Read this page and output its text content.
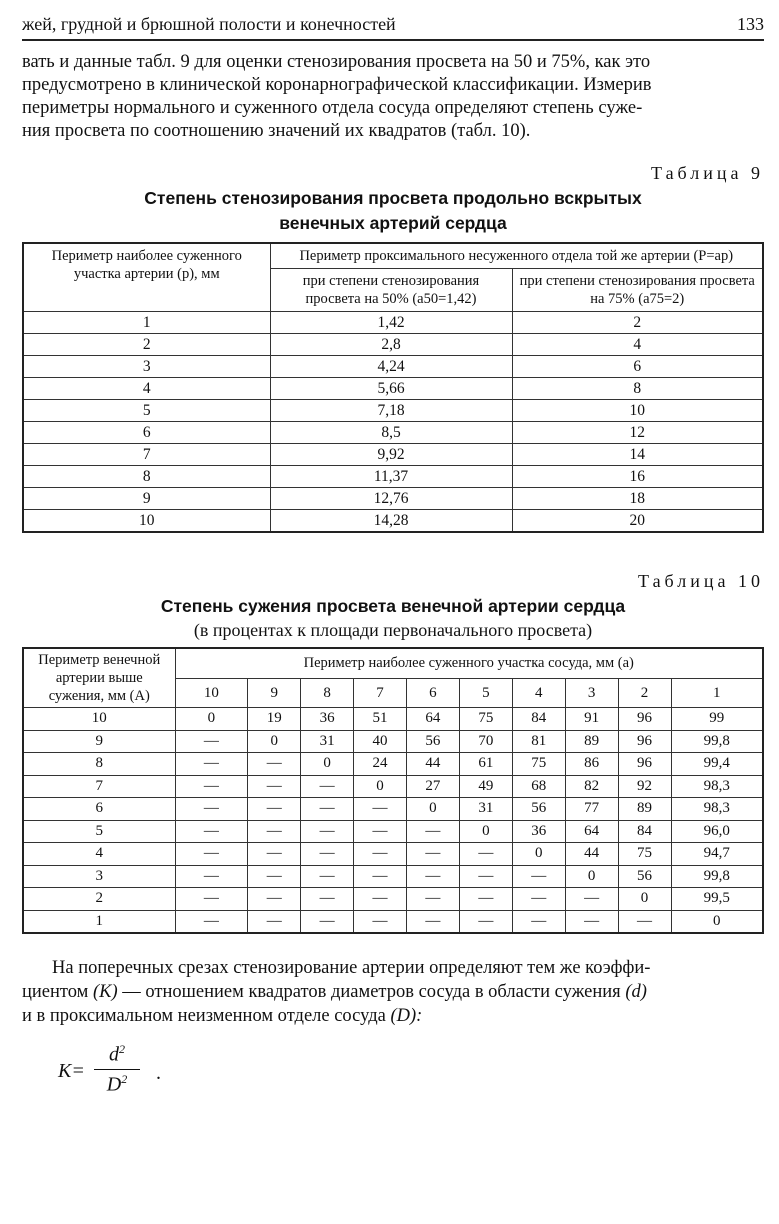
жей, грудной и брюшной полости и конечностей	133

вать и данные табл. 9 для оценки стенозирования просвета на 50 и 75%, как это

предусмотрено в клинической коронарнографической классификации. Измерив

периметры нормального и суженного отдела сосуда определяют степень суже-

ния просвета по соотношению значений их квадратов (табл. 10).

Таблица 9
Степень стенозирования просвета продольно вскрытых
венечных артерий сердца
Периметр наиболее суженного участка артерии (р), мм	Периметр проксимального несуженного отдела той же артерии (Р=ар)	
	при степени стенозирования просвета на 50% (а50=1,42)	при степени стенозирования просвета на 75% (а75=2)
1	1,42	2
2	2,8	4
3	4,24	6
4	5,66	8
5	7,18	10
6	8,5	12
7	9,92	14
8	11,37	16
9	12,76	18
10	14,28	20
Таблица 10
Степень сужения просвета венечной артерии сердца
(в процентах к площади первоначального просвета)
Периметр венечной артерии выше сужения, мм (А)	Периметр наиболее суженного участка сосуда, мм (а)									
	10	9	8	7	6	5	4	3	2	1
10	0	19	36	51	64	75	84	91	96	99
9	—	0	31	40	56	70	81	89	96	99,8
8	—	—	0	24	44	61	75	86	96	99,4
7	—	—	—	0	27	49	68	82	92	98,3
6	—	—	—	—	0	31	56	77	89	98,3
5	—	—	—	—	—	0	36	64	84	96,0
4	—	—	—	—	—	—	0	44	75	94,7
3	—	—	—	—	—	—	—	0	56	99,8
2	—	—	—	—	—	—	—	—	0	99,5
1	—	—	—	—	—	—	—	—	—	0

На поперечных срезах стенозирование артерии определяют тем же коэффи-

циентом (K) — отношением квадратов диаметров сосуда в области сужения (d)

и в проксимальном неизменном отделе сосуда (D):

$K= \frac{d^2}{D^2}$ .
